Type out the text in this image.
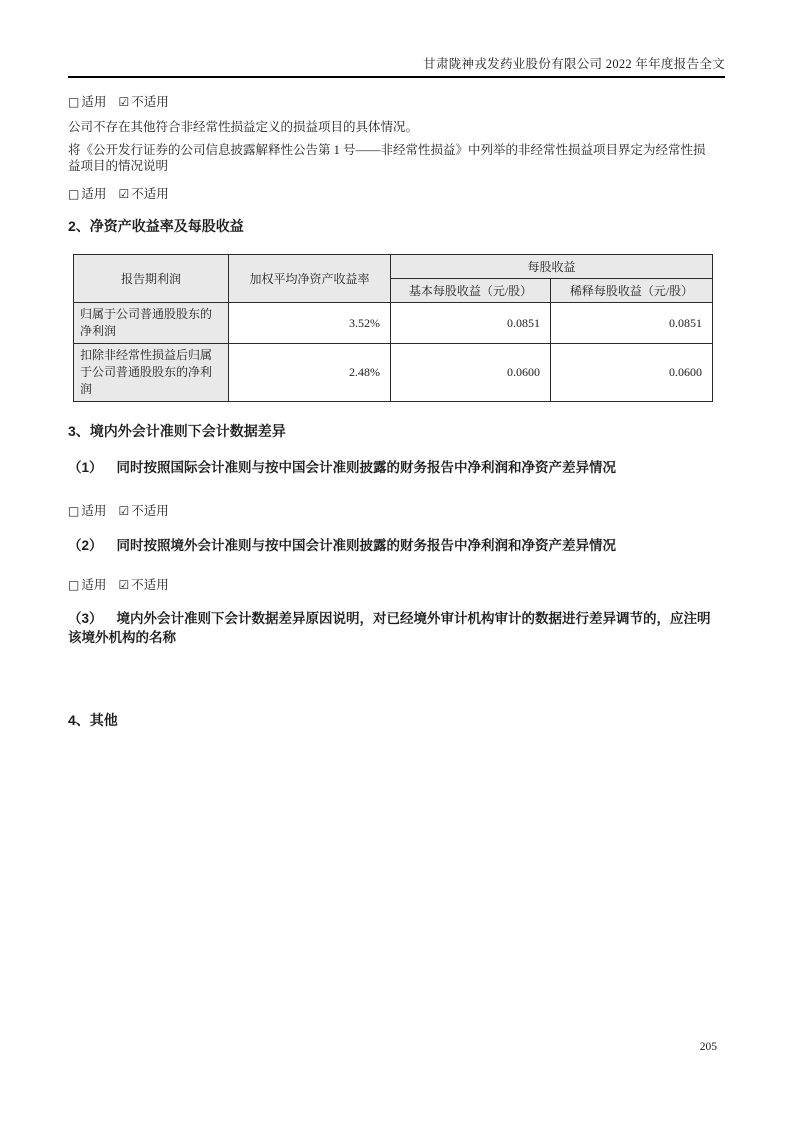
甘肃陇神戎发药业股份有限公司 2022 年年度报告全文
□ 适用 ☑ 不适用

公司不存在其他符合非经常性损益定义的损益项目的具体情况。

将《公开发行证券的公司信息披露解释性公告第 1 号——非经常性损益》中列举的非经常性损益项目界定为经常性损益项目的情况说明

□ 适用 ☑ 不适用
2、净资产收益率及每股收益
报告期利润	加权平均净资产收益率	每股收益	
		基本每股收益（元/股）	稀释每股收益（元/股）
归属于公司普通股股东的净利润	3.52%	0.0851	0.0851
扣除非经常性损益后归属于公司普通股股东的净利润	2.48%	0.0600	0.0600
3、境内外会计准则下会计数据差异
（1） 同时按照国际会计准则与按中国会计准则披露的财务报告中净利润和净资产差异情况
□ 适用 ☑ 不适用
（2） 同时按照境外会计准则与按中国会计准则披露的财务报告中净利润和净资产差异情况
□ 适用 ☑ 不适用
（3） 境内外会计准则下会计数据差异原因说明，对已经境外审计机构审计的数据进行差异调节的，应注明该境外机构的名称
4、其他
205
